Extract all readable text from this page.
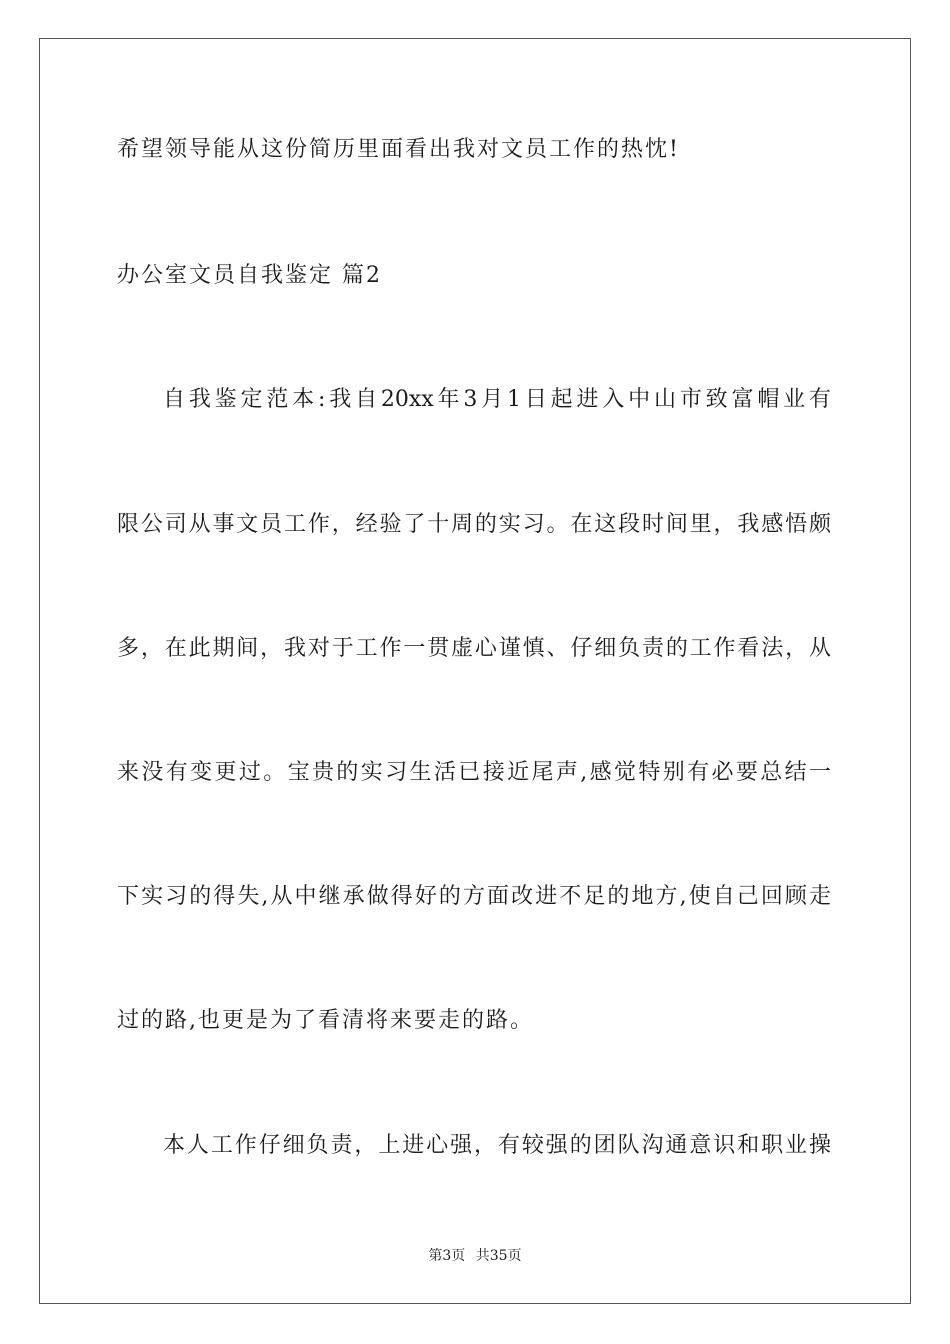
希望领导能从这份简历里面看出我对文员工作的热忱!
办公室文员自我鉴定 篇2
自我鉴定范本:我自20xx年3月1日起进入中山市致富帽业有
限公司从事文员工作，经验了十周的实习。在这段时间里，我感悟颇
多，在此期间，我对于工作一贯虚心谨慎、仔细负责的工作看法，从
来没有变更过。宝贵的实习生活已接近尾声,感觉特别有必要总结一
下实习的得失,从中继承做得好的方面改进不足的地方,使自己回顾走
过的路,也更是为了看清将来要走的路。
本人工作仔细负责，上进心强，有较强的团队沟通意识和职业操
第3页 共35页
